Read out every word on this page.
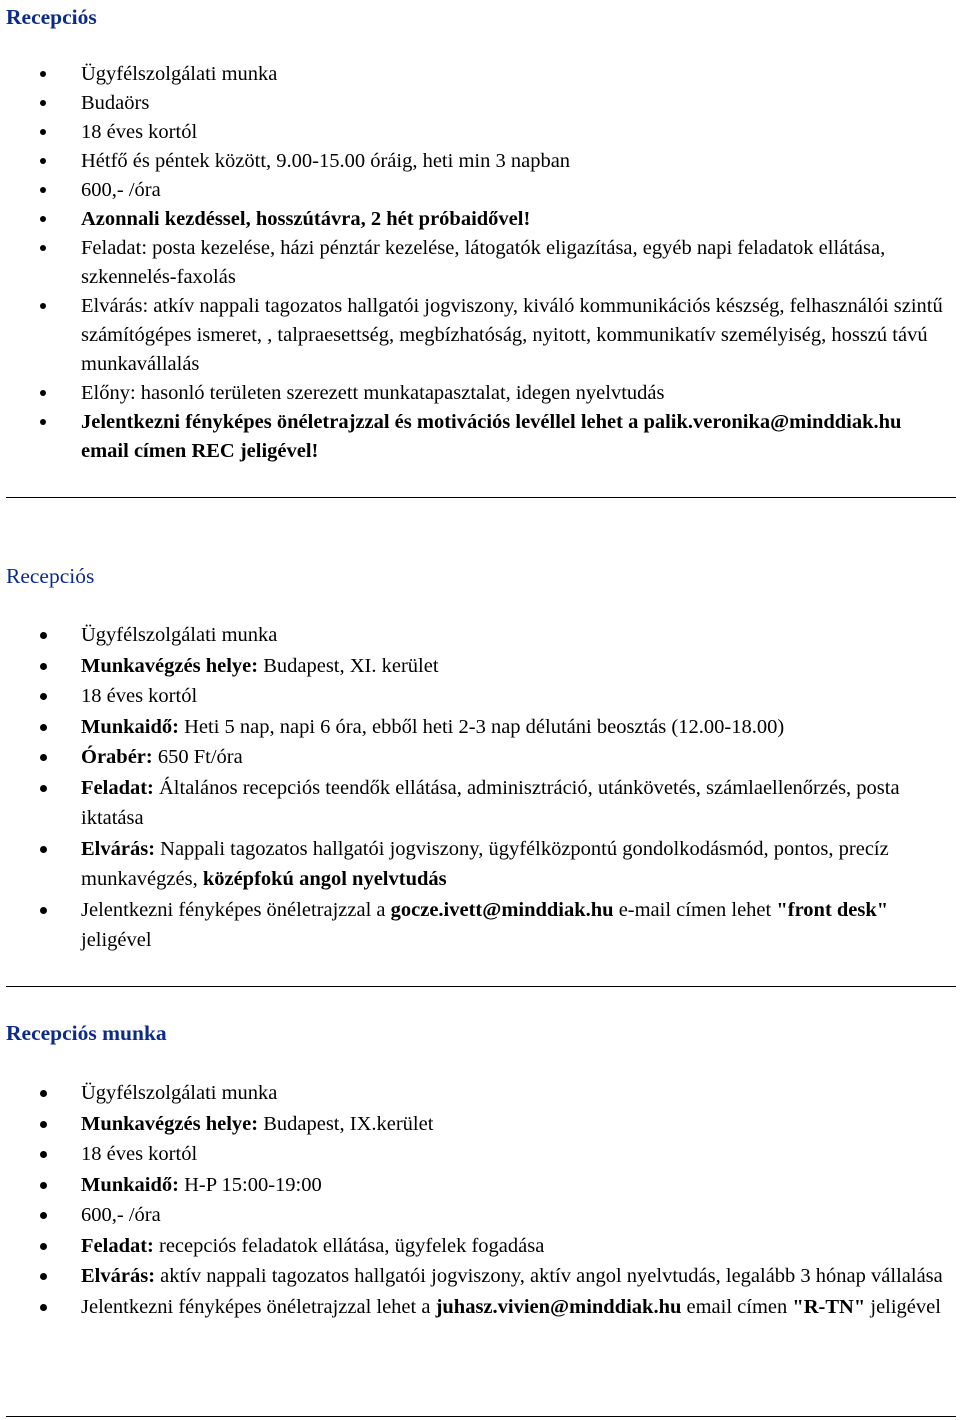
Recepciós
Ügyfélszolgálati munka
Budaörs
18 éves kortól
Hétfő és péntek között, 9.00-15.00 óráig, heti min 3 napban
600,- /óra
Azonnali kezdéssel, hosszútávra, 2 hét próbaidővel!
Feladat: posta kezelése, házi pénztár kezelése, látogatók eligazítása, egyéb napi feladatok ellátása, szkennelés-faxolás
Elvárás: atkív nappali tagozatos hallgatói jogviszony, kiváló kommunikációs készség, felhasználói szintű számítógépes ismeret, , talpraesettség, megbízhatóság, nyitott, kommunikatív személyiség, hosszú távú munkavállalás
Előny: hasonló területen szerezett munkatapasztalat, idegen nyelvtudás
Jelentkezni fényképes önéletrajzzal és motivációs levéllel lehet a palik.veronika@minddiak.hu email címen REC jeligével!
Recepciós
Ügyfélszolgálati munka
Munkavégzés helye: Budapest, XI. kerület
18 éves kortól
Munkaidő: Heti 5 nap, napi 6 óra, ebből heti 2-3 nap délutáni beosztás (12.00-18.00)
Órabér: 650 Ft/óra
Feladat: Általános recepciós teendők ellátása, adminisztráció, utánkövetés, számlaellenőrzés, posta iktatása
Elvárás: Nappali tagozatos hallgatói jogviszony, ügyfélközpontú gondolkodásmód, pontos, precíz munkavégzés, középfokú angol nyelvtudás
Jelentkezni fényképes önéletrajzzal a gocze.ivett@minddiak.hu e-mail címen lehet "front desk" jeligével
Recepciós munka
Ügyfélszolgálati munka
Munkavégzés helye: Budapest, IX.kerület
18 éves kortól
Munkaidő: H-P 15:00-19:00
600,- /óra
Feladat: recepciós feladatok ellátása, ügyfelek fogadása
Elvárás: aktív nappali tagozatos hallgatói jogviszony, aktív angol nyelvtudás, legalább 3 hónap vállalása
Jelentkezni fényképes önéletrajzzal lehet a juhasz.vivien@minddiak.hu email címen "R-TN" jeligével
